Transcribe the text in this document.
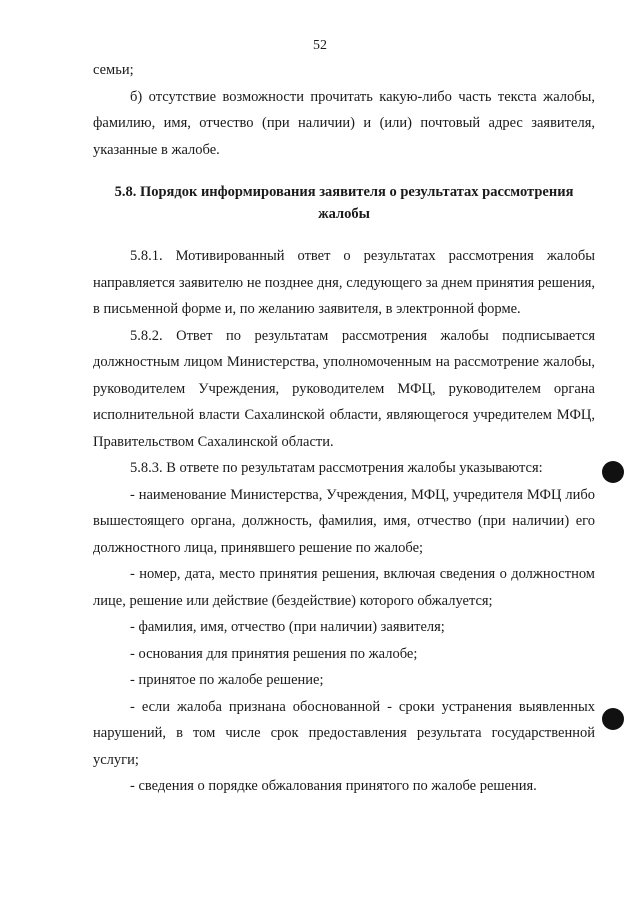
52

семьи;

б) отсутствие возможности прочитать какую-либо часть текста жалобы, фамилию, имя, отчество (при наличии) и (или) почтовый адрес заявителя, указанные в жалобе.

5.8. Порядок информирования заявителя о результатах рассмотрения жалобы

5.8.1. Мотивированный ответ о результатах рассмотрения жалобы направляется заявителю не позднее дня, следующего за днем принятия решения, в письменной форме и, по желанию заявителя, в электронной форме.

5.8.2. Ответ по результатам рассмотрения жалобы подписывается должностным лицом Министерства, уполномоченным на рассмотрение жалобы, руководителем Учреждения, руководителем МФЦ, руководителем органа исполнительной власти Сахалинской области, являющегося учредителем МФЦ, Правительством Сахалинской области.

5.8.3. В ответе по результатам рассмотрения жалобы указываются:

- наименование Министерства, Учреждения, МФЦ, учредителя МФЦ либо вышестоящего органа, должность, фамилия, имя, отчество (при наличии) его должностного лица, принявшего решение по жалобе;

- номер, дата, место принятия решения, включая сведения о должностном лице, решение или действие (бездействие) которого обжалуется;

- фамилия, имя, отчество (при наличии) заявителя;

- основания для принятия решения по жалобе;

- принятое по жалобе решение;

- если жалоба признана обоснованной - сроки устранения выявленных нарушений, в том числе срок предоставления результата государственной услуги;

- сведения о порядке обжалования принятого по жалобе решения.
